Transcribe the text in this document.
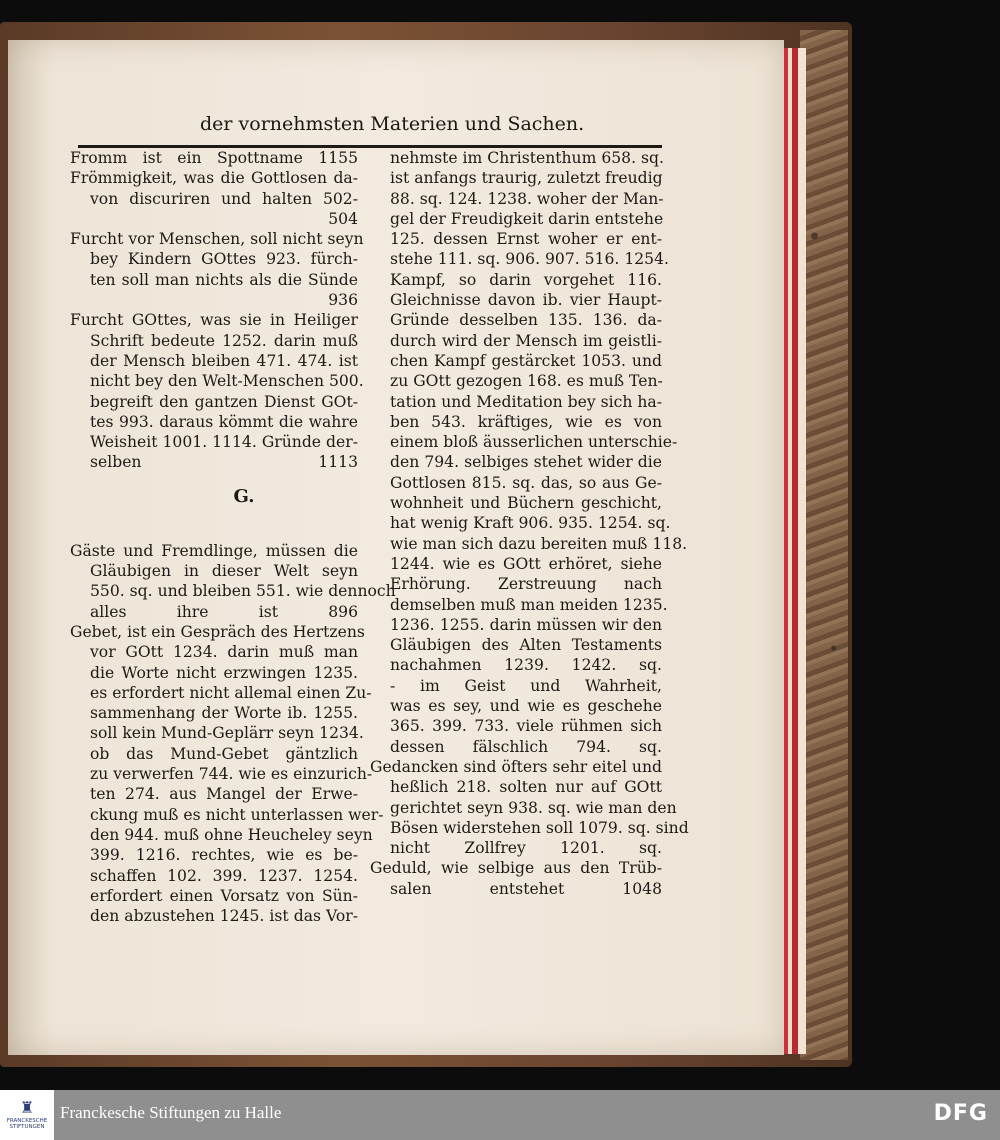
der vornehmsten Materien und Sachen.
Fromm ist ein Spottname 1155
Frömmigkeit, was die Gottlosen da-
von discuriren und halten 502-
504
Furcht vor Menschen, soll nicht seyn
bey Kindern GOttes 923. fürch-
ten soll man nichts als die Sünde
936
Furcht GOttes, was sie in Heiliger
Schrift bedeute 1252. darin muß
der Mensch bleiben 471. 474. ist
nicht bey den Welt-Menschen 500.
begreift den gantzen Dienst GOt-
tes 993. daraus kömmt die wahre
Weisheit 1001. 1114. Gründe der-
selben 1113
G.
Gäste und Fremdlinge, müssen die
Gläubigen in dieser Welt seyn
550. sq. und bleiben 551. wie dennoch
alles ihre ist 896
Gebet, ist ein Gespräch des Hertzens
vor GOtt 1234. darin muß man
die Worte nicht erzwingen 1235.
es erfordert nicht allemal einen Zu-
sammenhang der Worte ib. 1255.
soll kein Mund-Geplärr seyn 1234.
ob das Mund-Gebet gäntzlich
zu verwerfen 744. wie es einzurich-
ten 274. aus Mangel der Erwe-
ckung muß es nicht unterlassen wer-
den 944. muß ohne Heucheley seyn
399. 1216. rechtes, wie es be-
schaffen 102. 399. 1237. 1254.
erfordert einen Vorsatz von Sün-
den abzustehen 1245. ist das Vor-
nehmste im Christenthum 658. sq.
ist anfangs traurig, zuletzt freudig
88. sq. 124. 1238. woher der Man-
gel der Freudigkeit darin entstehe
125. dessen Ernst woher er ent-
stehe 111. sq. 906. 907. 516. 1254.
Kampf, so darin vorgehet 116.
Gleichnisse davon ib. vier Haupt-
Gründe desselben 135. 136. da-
durch wird der Mensch im geistli-
chen Kampf gestärcket 1053. und
zu GOtt gezogen 168. es muß Ten-
tation und Meditation bey sich ha-
ben 543. kräftiges, wie es von
einem bloß äusserlichen unterschie-
den 794. selbiges stehet wider die
Gottlosen 815. sq. das, so aus Ge-
wohnheit und Büchern geschicht,
hat wenig Kraft 906. 935. 1254. sq.
wie man sich dazu bereiten muß 118.
1244. wie es GOtt erhöret, siehe
Erhörung. Zerstreuung nach
demselben muß man meiden 1235.
1236. 1255. darin müssen wir den
Gläubigen des Alten Testaments
nachahmen 1239. 1242. sq.
- im Geist und Wahrheit,
was es sey, und wie es geschehe
365. 399. 733. viele rühmen sich
dessen fälschlich 794. sq.
Gedancken sind öfters sehr eitel und
heßlich 218. solten nur auf GOtt
gerichtet seyn 938. sq. wie man den
Bösen widerstehen soll 1079. sq. sind
nicht Zollfrey 1201. sq.
Geduld, wie selbige aus den Trüb-
salen entstehet 1048
♜
FRANCKESCHE
STIFTUNGEN
Franckesche Stiftungen zu Halle	DFG
